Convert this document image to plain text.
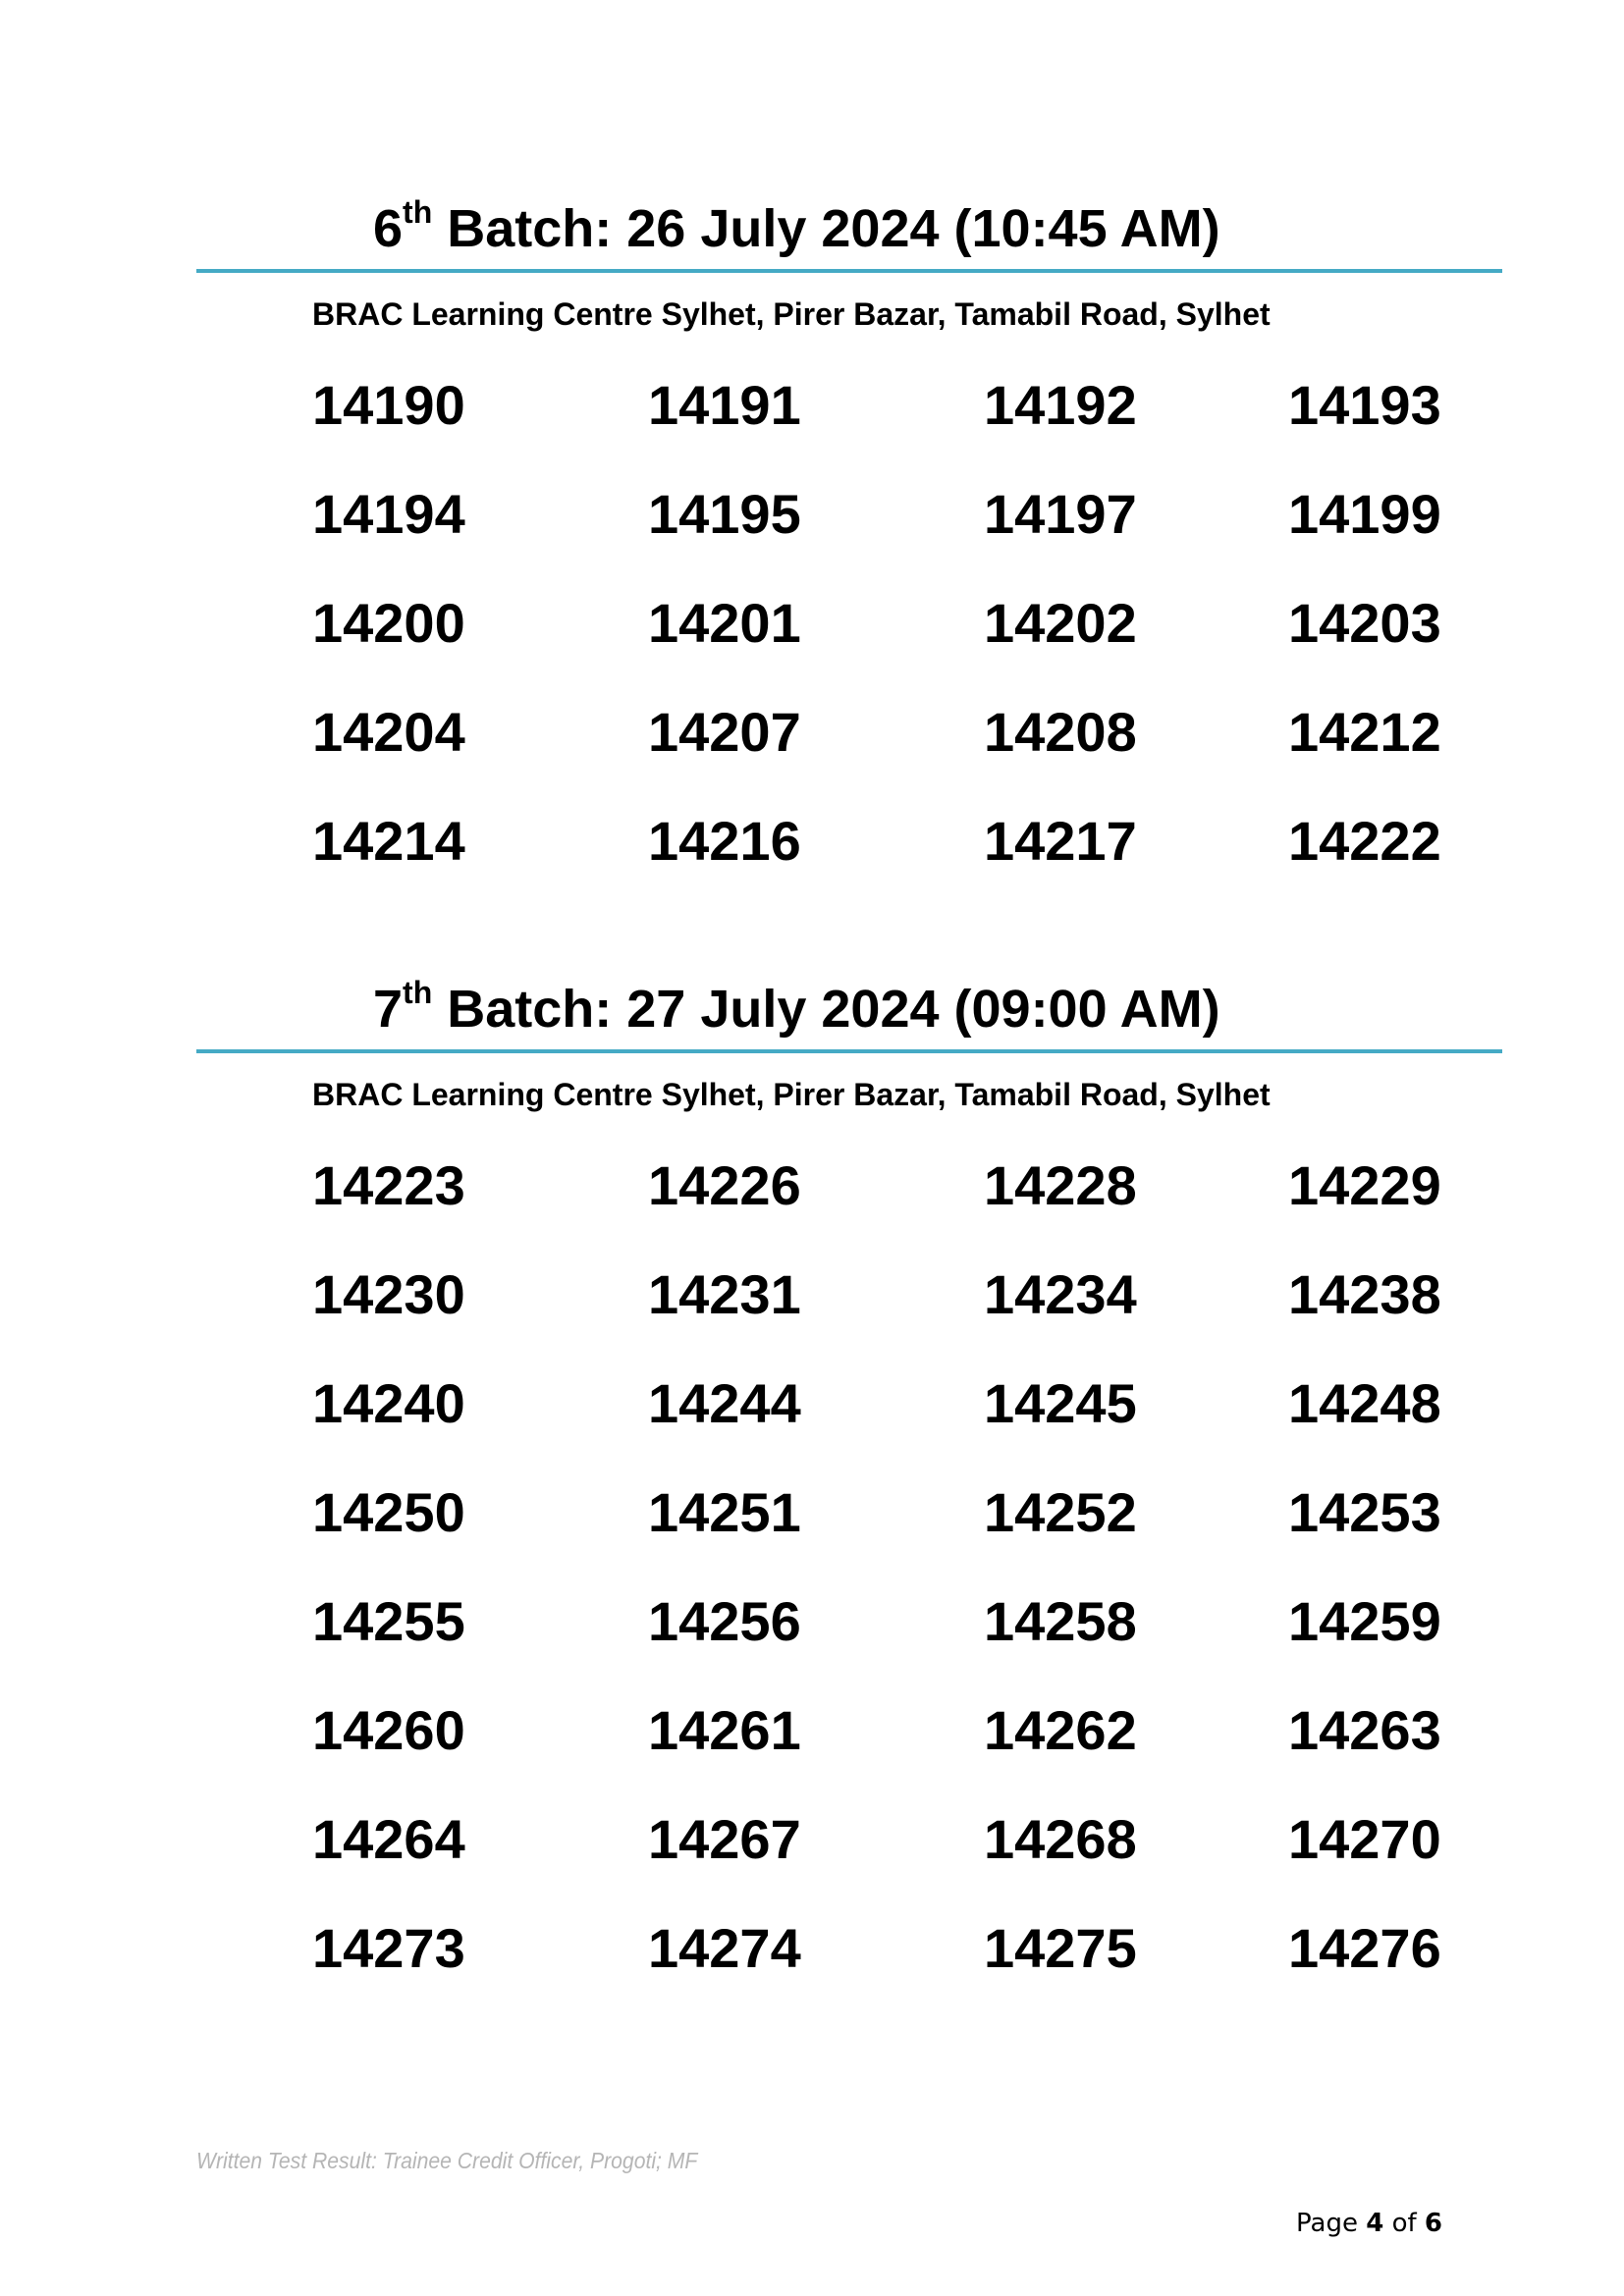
6th Batch: 26 July 2024 (10:45 AM)
BRAC Learning Centre Sylhet, Pirer Bazar, Tamabil Road, Sylhet
14190	14191	14192	14193
14194	14195	14197	14199
14200	14201	14202	14203
14204	14207	14208	14212
14214	14216	14217	14222
7th Batch: 27 July 2024 (09:00 AM)
BRAC Learning Centre Sylhet, Pirer Bazar, Tamabil Road, Sylhet
14223	14226	14228	14229
14230	14231	14234	14238
14240	14244	14245	14248
14250	14251	14252	14253
14255	14256	14258	14259
14260	14261	14262	14263
14264	14267	14268	14270
14273	14274	14275	14276
Written Test Result: Trainee Credit Officer, Progoti; MF
Page 4 of 6
